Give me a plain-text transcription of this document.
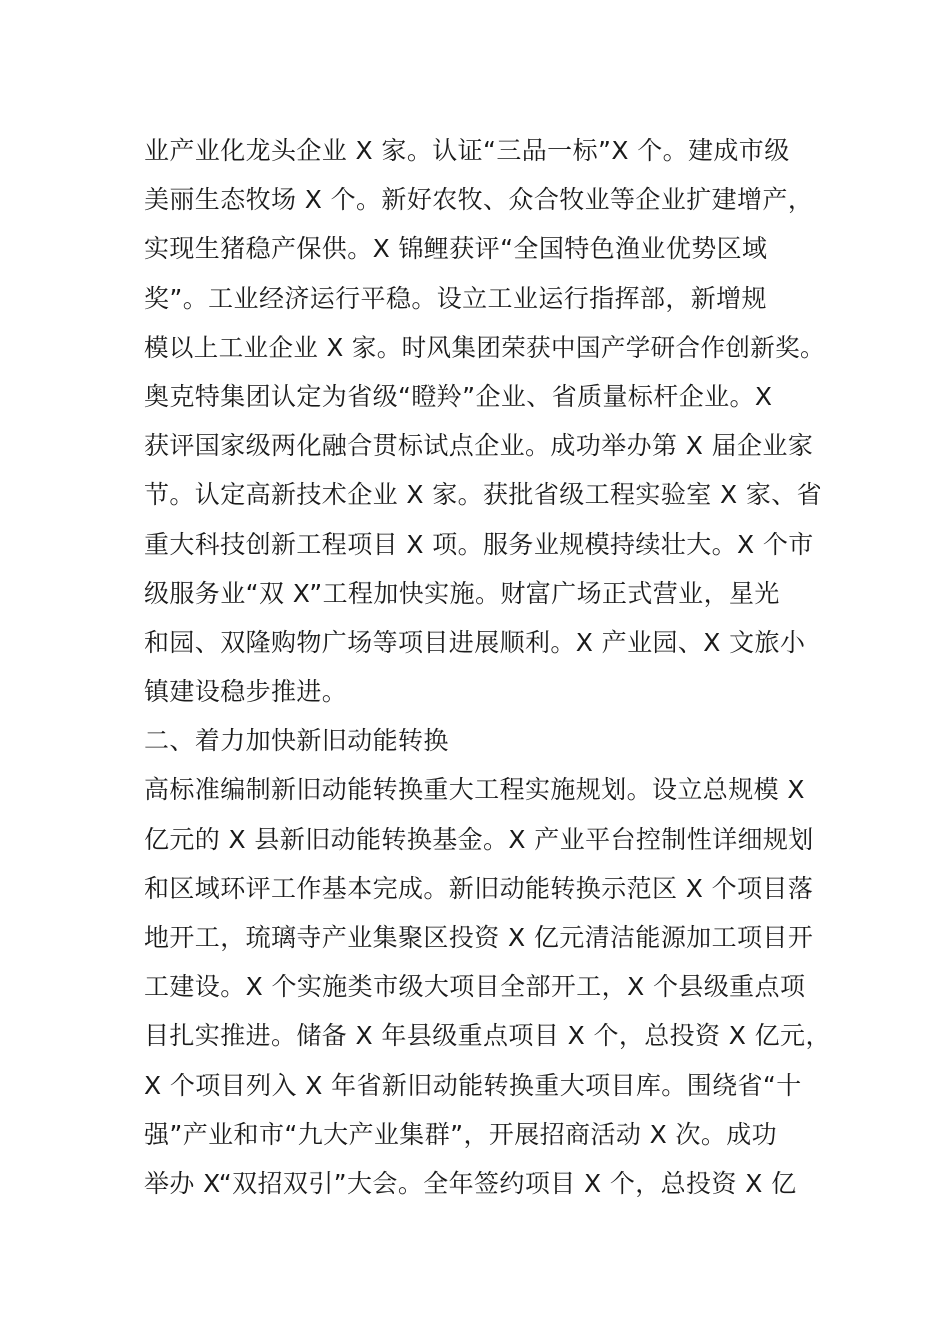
业产业化龙头企业 X 家。认证“三品一标”X 个。建成市级
美丽生态牧场 X 个。新好农牧、众合牧业等企业扩建增产，
实现生猪稳产保供。X 锦鲤获评“全国特色渔业优势区域
奖”。工业经济运行平稳。设立工业运行指挥部，新增规
模以上工业企业 X 家。时风集团荣获中国产学研合作创新奖。
奥克特集团认定为省级“瞪羚”企业、省质量标杆企业。X
获评国家级两化融合贯标试点企业。成功举办第 X 届企业家
节。认定高新技术企业 X 家。获批省级工程实验室 X 家、省
重大科技创新工程项目 X 项。服务业规模持续壮大。X 个市
级服务业“双 X”工程加快实施。财富广场正式营业，星光
和园、双隆购物广场等项目进展顺利。X 产业园、X 文旅小
镇建设稳步推进。
二、着力加快新旧动能转换
高标准编制新旧动能转换重大工程实施规划。设立总规模 X
亿元的 X 县新旧动能转换基金。X 产业平台控制性详细规划
和区域环评工作基本完成。新旧动能转换示范区 X 个项目落
地开工，琉璃寺产业集聚区投资 X 亿元清洁能源加工项目开
工建设。X 个实施类市级大项目全部开工，X 个县级重点项
目扎实推进。储备 X 年县级重点项目 X 个，总投资 X 亿元，
X 个项目列入 X 年省新旧动能转换重大项目库。围绕省“十
强”产业和市“九大产业集群”，开展招商活动 X 次。成功
举办 X“双招双引”大会。全年签约项目 X 个，总投资 X 亿
